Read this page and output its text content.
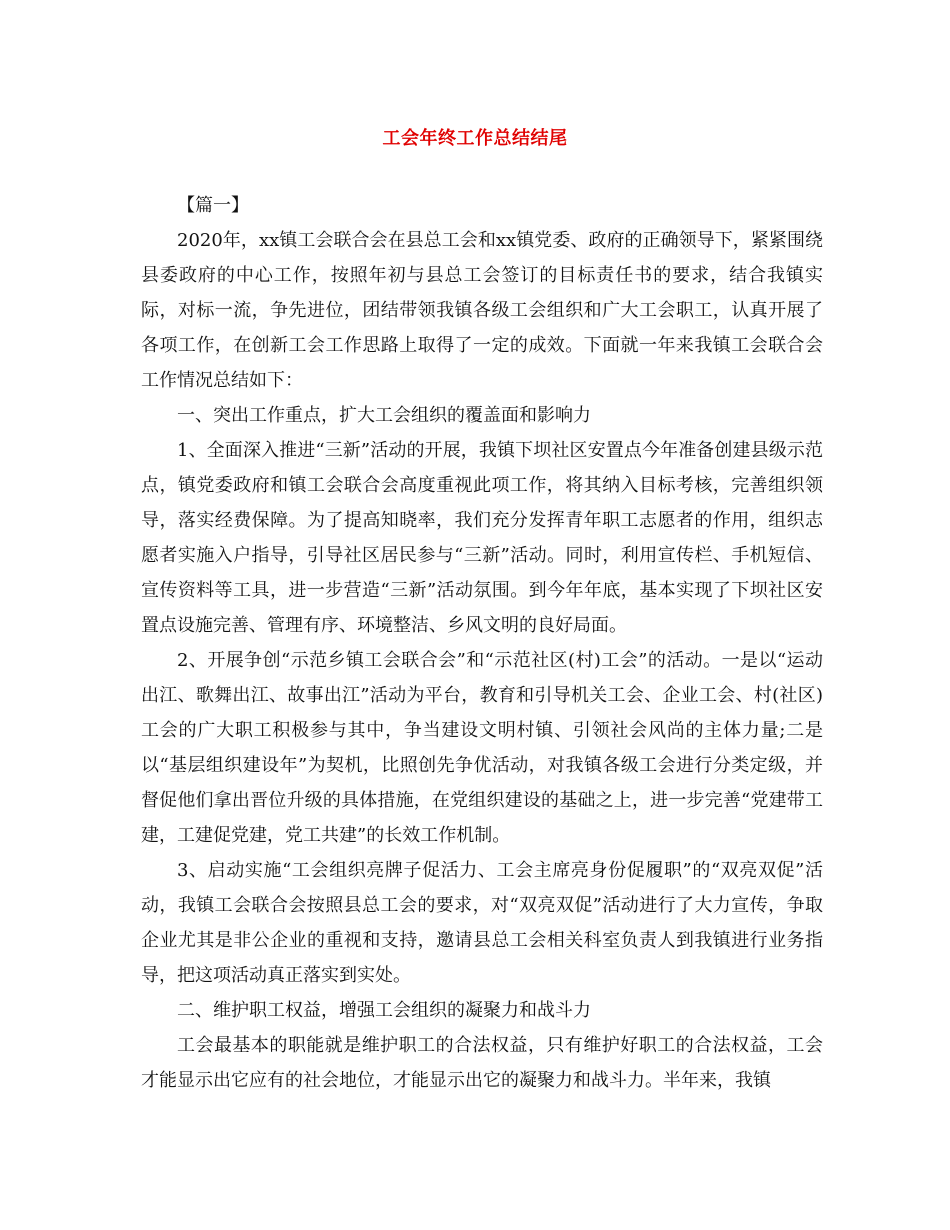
工会年终工作总结结尾

【篇一】

2020年，xx镇工会联合会在县总工会和xx镇党委、政府的正确领导下，紧紧围绕县委政府的中心工作，按照年初与县总工会签订的目标责任书的要求，结合我镇实际，对标一流，争先进位，团结带领我镇各级工会组织和广大工会职工，认真开展了各项工作，在创新工会工作思路上取得了一定的成效。下面就一年来我镇工会联合会工作情况总结如下：

一、突出工作重点，扩大工会组织的覆盖面和影响力

1、全面深入推进“三新”活动的开展，我镇下坝社区安置点今年准备创建县级示范点，镇党委政府和镇工会联合会高度重视此项工作，将其纳入目标考核，完善组织领导，落实经费保障。为了提高知晓率，我们充分发挥青年职工志愿者的作用，组织志愿者实施入户指导，引导社区居民参与“三新”活动。同时，利用宣传栏、手机短信、宣传资料等工具，进一步营造“三新”活动氛围。到今年年底，基本实现了下坝社区安置点设施完善、管理有序、环境整洁、乡风文明的良好局面。

2、开展争创“示范乡镇工会联合会”和“示范社区(村)工会”的活动。一是以“运动出江、歌舞出江、故事出江”活动为平台，教育和引导机关工会、企业工会、村(社区)工会的广大职工积极参与其中，争当建设文明村镇、引领社会风尚的主体力量;二是以“基层组织建设年”为契机，比照创先争优活动，对我镇各级工会进行分类定级，并督促他们拿出晋位升级的具体措施，在党组织建设的基础之上，进一步完善“党建带工建，工建促党建，党工共建”的长效工作机制。

3、启动实施“工会组织亮牌子促活力、工会主席亮身份促履职”的“双亮双促”活动，我镇工会联合会按照县总工会的要求，对“双亮双促”活动进行了大力宣传，争取企业尤其是非公企业的重视和支持，邀请县总工会相关科室负责人到我镇进行业务指导，把这项活动真正落实到实处。

二、维护职工权益，增强工会组织的凝聚力和战斗力

工会最基本的职能就是维护职工的合法权益，只有维护好职工的合法权益，工会才能显示出它应有的社会地位，才能显示出它的凝聚力和战斗力。半年来，我镇
